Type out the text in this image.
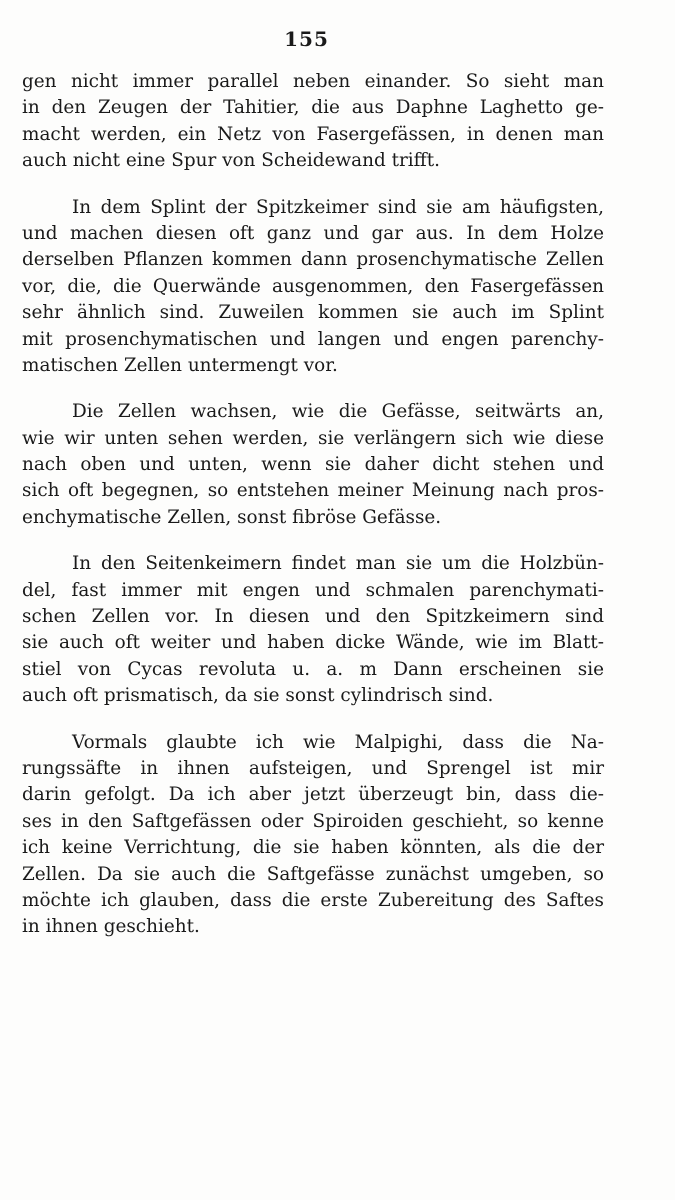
155
gen nicht immer parallel neben einander. So sieht man
in den Zeugen der Tahitier, die aus Daphne Laghetto ge-
macht werden, ein Netz von Fasergefässen, in denen man
auch nicht eine Spur von Scheidewand trifft.
In dem Splint der Spitzkeimer sind sie am häufigsten,
und machen diesen oft ganz und gar aus. In dem Holze
derselben Pflanzen kommen dann prosenchymatische Zellen
vor, die, die Querwände ausgenommen, den Fasergefässen
sehr ähnlich sind. Zuweilen kommen sie auch im Splint
mit prosenchymatischen und langen und engen parenchy-
matischen Zellen untermengt vor.
Die Zellen wachsen, wie die Gefässe, seitwärts an,
wie wir unten sehen werden, sie verlängern sich wie diese
nach oben und unten, wenn sie daher dicht stehen und
sich oft begegnen, so entstehen meiner Meinung nach pros-
enchymatische Zellen, sonst fibröse Gefässe.
In den Seitenkeimern findet man sie um die Holzbün-
del, fast immer mit engen und schmalen parenchymati-
schen Zellen vor. In diesen und den Spitzkeimern sind
sie auch oft weiter und haben dicke Wände, wie im Blatt-
stiel von Cycas revoluta u. a. m Dann erscheinen sie
auch oft prismatisch, da sie sonst cylindrisch sind.
Vormals glaubte ich wie Malpighi, dass die Na-
rungssäfte in ihnen aufsteigen, und Sprengel ist mir
darin gefolgt. Da ich aber jetzt überzeugt bin, dass die-
ses in den Saftgefässen oder Spiroiden geschieht, so kenne
ich keine Verrichtung, die sie haben könnten, als die der
Zellen. Da sie auch die Saftgefässe zunächst umgeben, so
möchte ich glauben, dass die erste Zubereitung des Saftes
in ihnen geschieht.
